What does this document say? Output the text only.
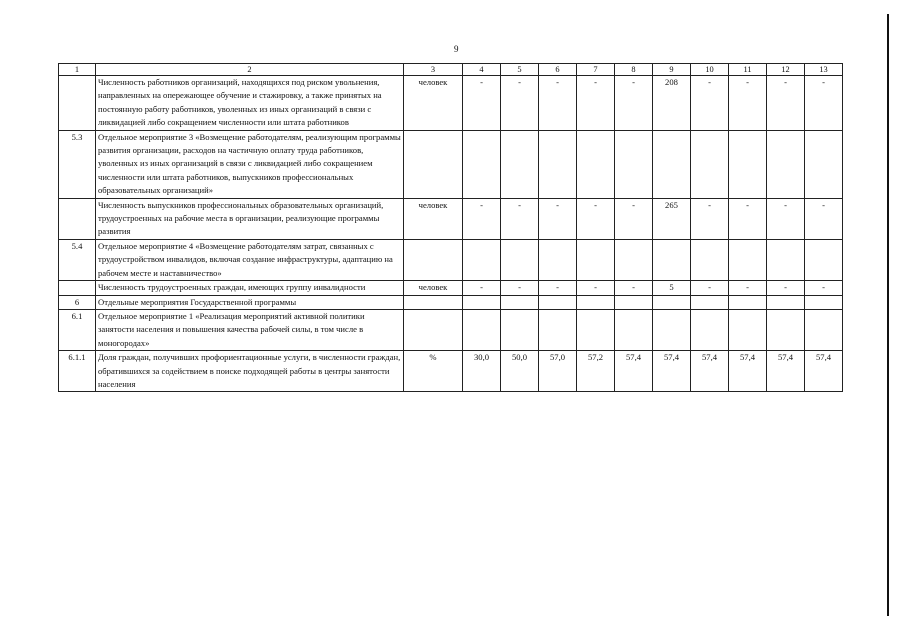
9
1	2	3	4	5	6	7	8	9	10	11	12	13
	Численность работников организаций, находящихся под риском увольнения, направленных на опережающее обучение и стажировку, а также принятых на постоянную работу работников, уволенных из иных организаций в связи с ликвидацией либо сокращением численности или штата работников	человек	-	-	-	-	-	208	-	-	-	-
5.3	Отдельное мероприятие 3 «Возмещение работодателям, реализующим программы развития организации, расходов на частичную оплату труда работников, уволенных из иных организаций в связи с ликвидацией либо сокращением численности или штата работников, выпускников профессиональных образовательных организаций»											
	Численность выпускников профессиональных образовательных организаций, трудоустроенных на рабочие места в организации, реализующие программы развития	человек	-	-	-	-	-	265	-	-	-	-
5.4	Отдельное мероприятие 4 «Возмещение работодателям затрат, связанных с трудоустройством инвалидов, включая создание инфраструктуры, адаптацию на рабочем месте и наставничество»											
	Численность трудоустроенных граждан, имеющих группу инвалидности	человек	-	-	-	-	-	5	-	-	-	-
6	Отдельные мероприятия Государственной программы											
6.1	Отдельное мероприятие 1 «Реализация мероприятий активной политики занятости населения и повышения качества рабочей силы, в том числе в моногородах»											
6.1.1	Доля граждан, получивших профориентационные услуги, в численности граждан, обратившихся за содействием в поиске подходящей работы в центры занятости населения	%	30,0	50,0	57,0	57,2	57,4	57,4	57,4	57,4	57,4	57,4
